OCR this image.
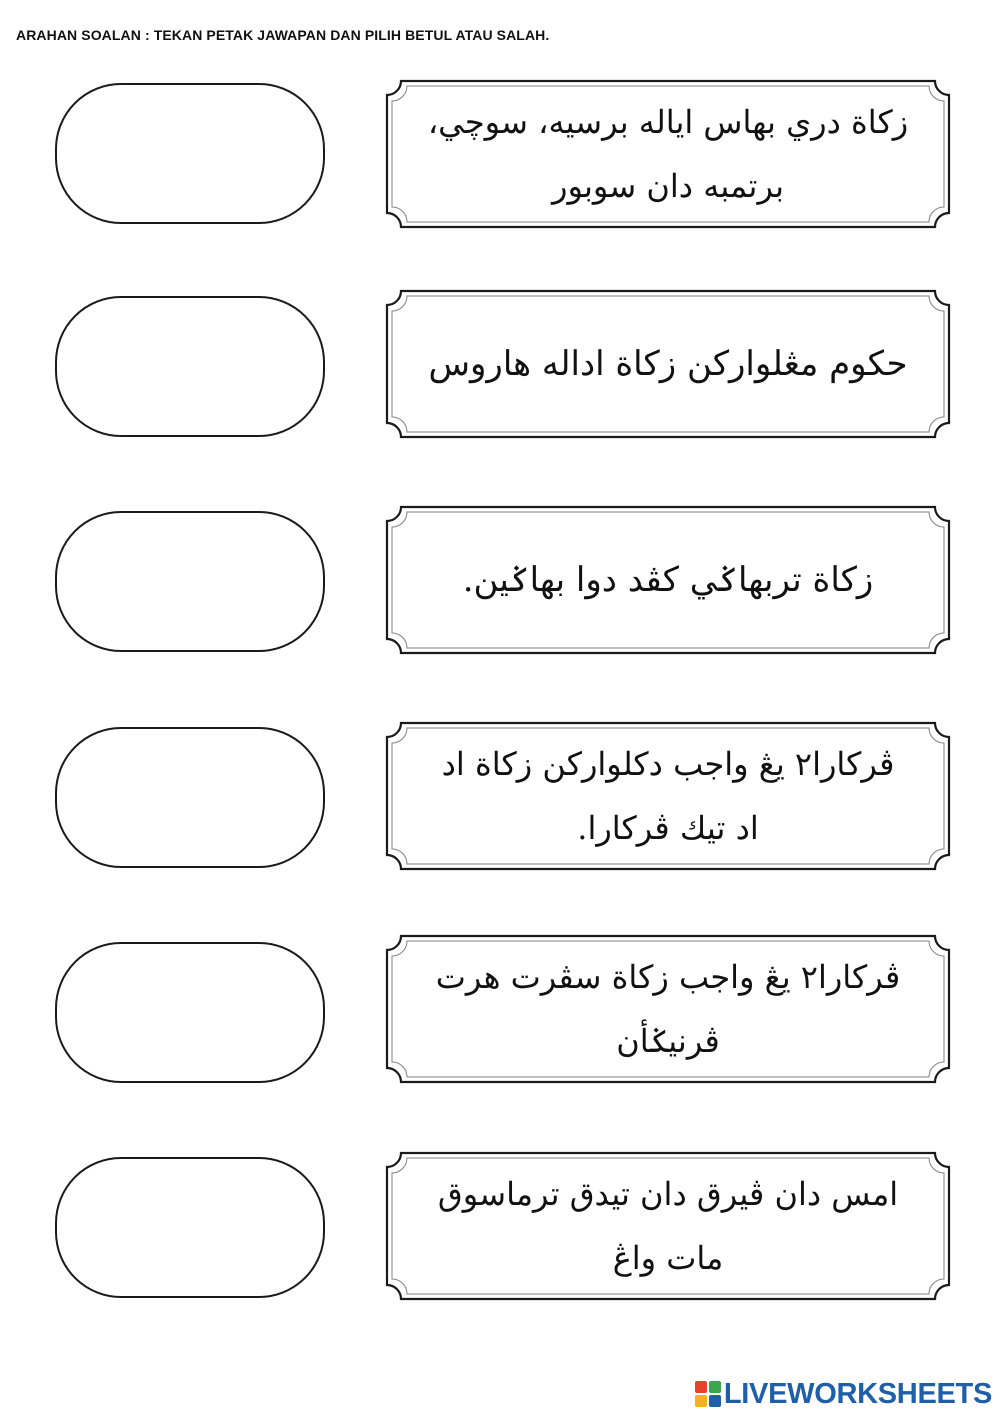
ARAHAN SOALAN : TEKAN PETAK JAWAPAN DAN PILIH BETUL ATAU SALAH.
زكاة دري بهاس اياله برسيه، سوچي،
برتمبه دان سوبور
حكوم مڠلواركن زكاة اداله هاروس
زكاة تربهاݢي كڤد دوا بهاݢين.
ڤركارا٢ يڠ واجب دكلواركن زكاة اد
اد تيك ڤركارا.
ڤركارا٢ يڠ واجب زكاة سڤرت هرت
ڤرنيݢأن
امس دان ڤيرق دان تيدق ترماسوق
مات واڠ
LIVEWORKSHEETS
